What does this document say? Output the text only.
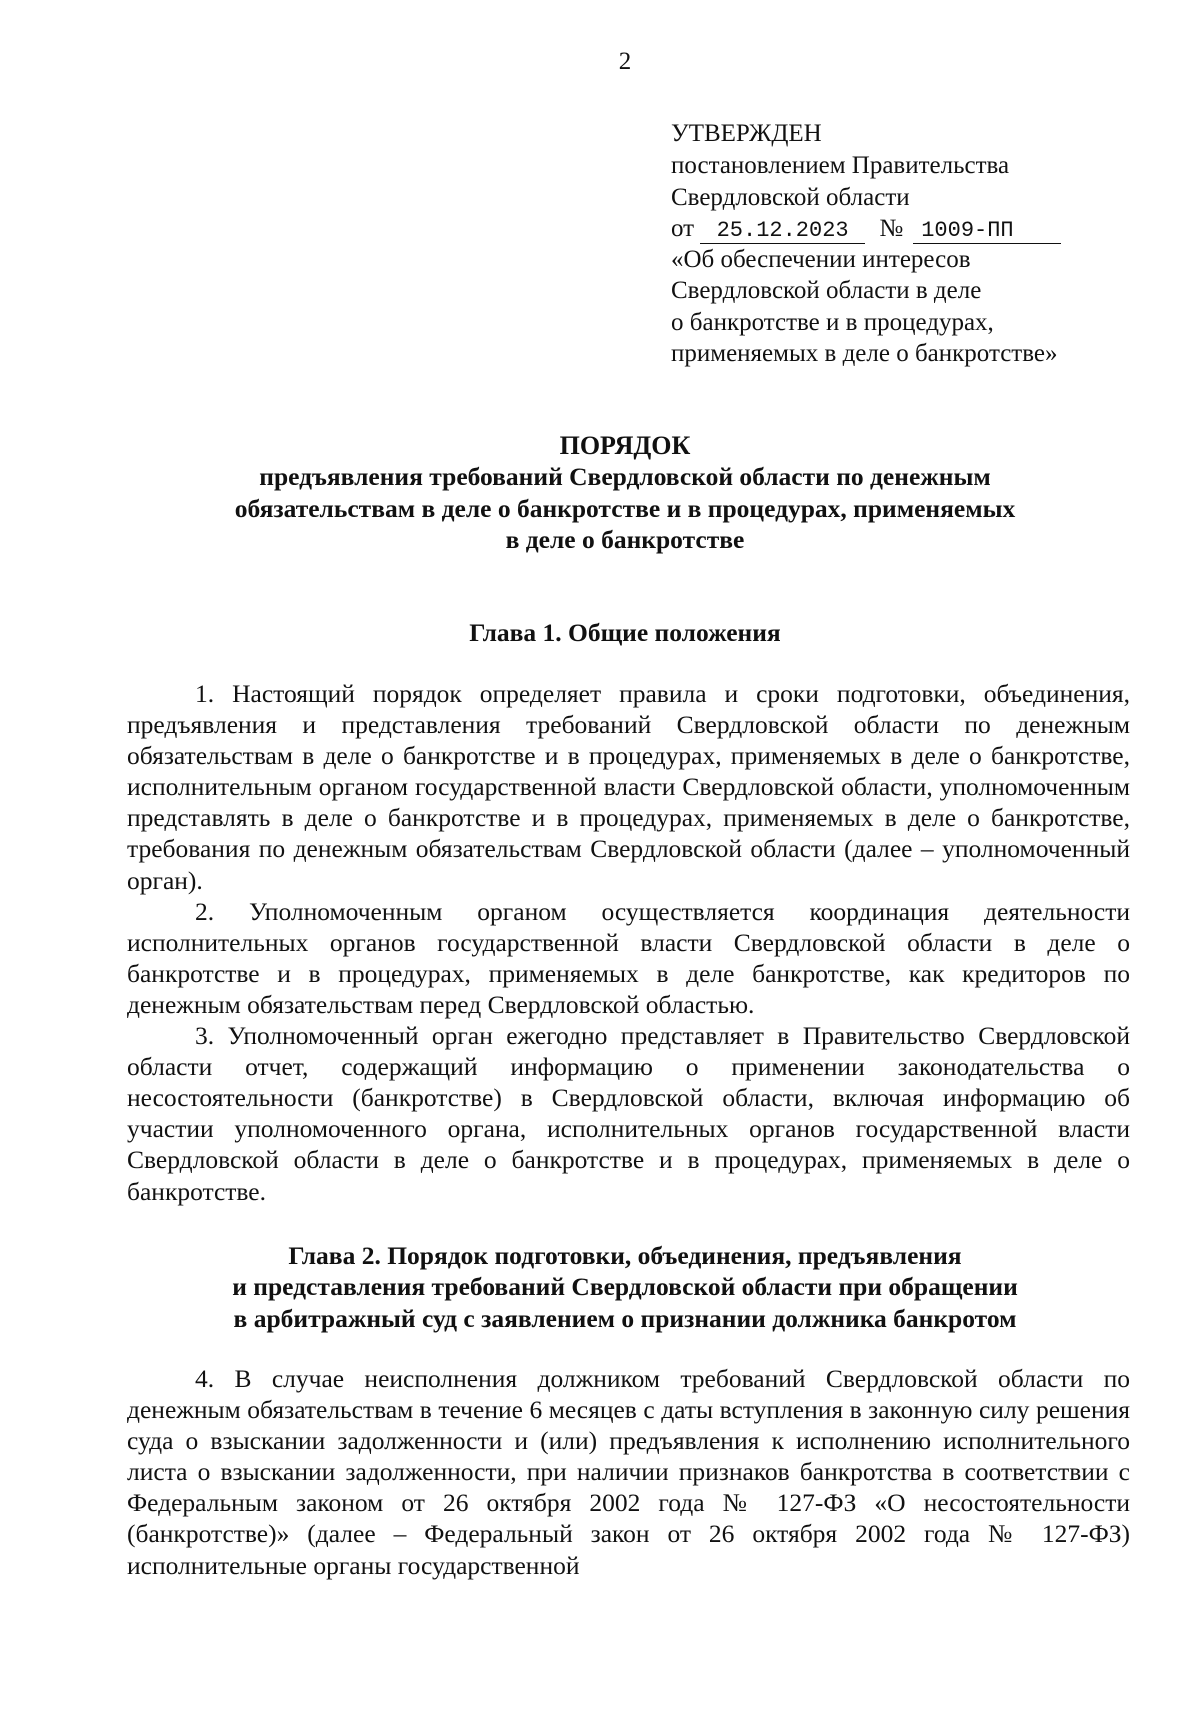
2
УТВЕРЖДЕН
постановлением Правительства
Свердловской области
от 25.12.2023 № 1009-ПП
«Об обеспечении интересов
Свердловской области в деле
о банкротстве и в процедурах,
применяемых в деле о банкротстве»
ПОРЯДОК
предъявления требований Свердловской области по денежным
обязательствам в деле о банкротстве и в процедурах, применяемых
в деле о банкротстве
Глава 1. Общие положения

1. Настоящий порядок определяет правила и сроки подготовки, объединения, предъявления и представления требований Свердловской области по денежным обязательствам в деле о банкротстве и в процедурах, применяемых в деле о банкротстве, исполнительным органом государственной власти Свердловской области, уполномоченным представлять в деле о банкротстве и в процедурах, применяемых в деле о банкротстве, требования по денежным обязательствам Свердловской области (далее – уполномоченный орган).

2. Уполномоченным органом осуществляется координация деятельности исполнительных органов государственной власти Свердловской области в деле о банкротстве и в процедурах, применяемых в деле банкротстве, как кредиторов по денежным обязательствам перед Свердловской областью.

3. Уполномоченный орган ежегодно представляет в Правительство Свердловской области отчет, содержащий информацию о применении законодательства о несостоятельности (банкротстве) в Свердловской области, включая информацию об участии уполномоченного органа, исполнительных органов государственной власти Свердловской области в деле о банкротстве и в процедурах, применяемых в деле о банкротстве.

Глава 2. Порядок подготовки, объединения, предъявления
и представления требований Свердловской области при обращении
в арбитражный суд с заявлением о признании должника банкротом

4. В случае неисполнения должником требований Свердловской области по денежным обязательствам в течение 6 месяцев с даты вступления в законную силу решения суда о взыскании задолженности и (или) предъявления к исполнению исполнительного листа о взыскании задолженности, при наличии признаков банкротства в соответствии с Федеральным законом от 26 октября 2002 года № 127-ФЗ «О несостоятельности (банкротстве)» (далее – Федеральный закон от 26 октября 2002 года № 127-ФЗ) исполнительные органы государственной
